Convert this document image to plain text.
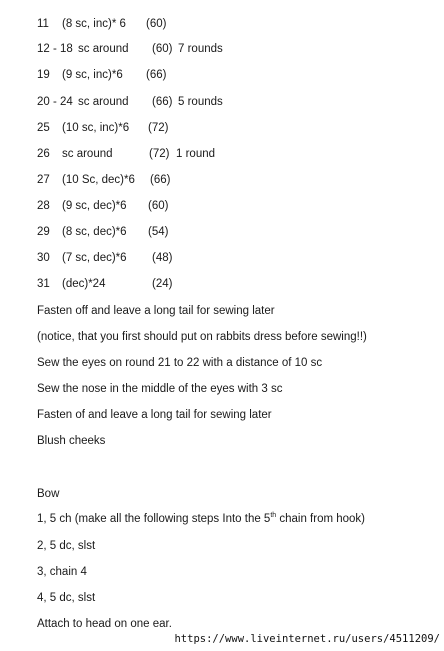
11 (8 sc, inc)* 6 (60)
12 - 18 sc around (60) 7 rounds
19 (9 sc, inc)*6 (66)
20 - 24 sc around (66) 5 rounds
25 (10 sc, inc)*6 (72)
26 sc around	(72) 1 round
27 (10 Sc, dec)*6 (66)
28 (9 sc, dec)*6 (60)
29 (8 sc, dec)*6 (54)
30 (7 sc, dec)*6 (48)
31 (dec)*24	(24)
Fasten off and leave a long tail for sewing later
(notice, that you first should put on rabbits dress before sewing!!)
Sew the eyes on round 21 to 22 with a distance of 10 sc
Sew the nose in the middle of the eyes with 3 sc
Fasten of and leave a long tail for sewing later
Blush cheeks
Bow
1, 5 ch (make all the following steps Into the 5th chain from hook)
2, 5 dc, slst
3, chain 4
4, 5 dc, slst
Attach to head on one ear.
https://www.liveinternet.ru/users/4511209/
